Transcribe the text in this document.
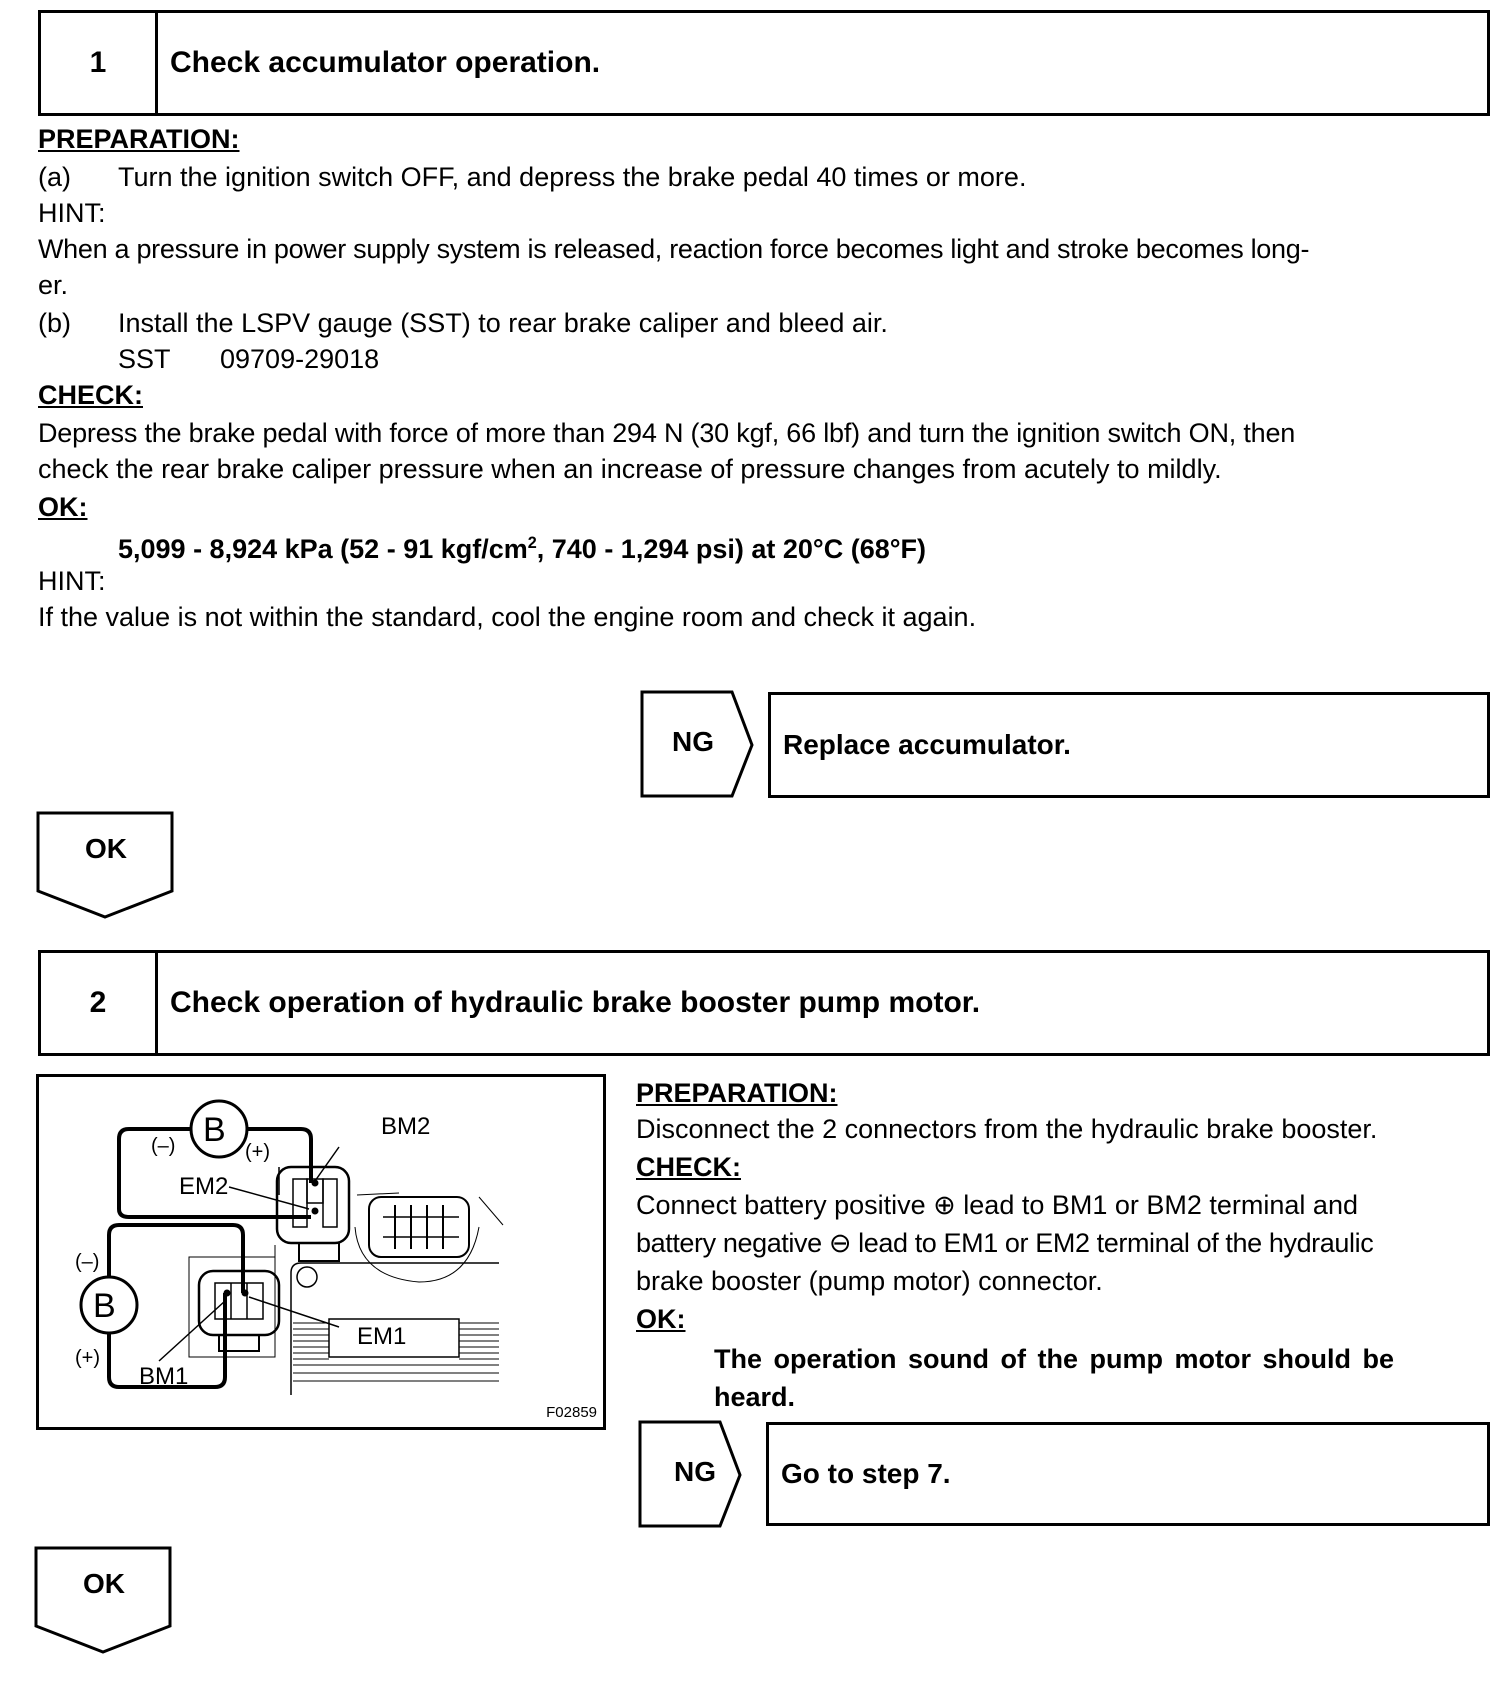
1	Check accumulator operation.
PREPARATION:
(a) Turn the ignition switch OFF, and depress the brake pedal 40 times or more.
HINT:
When a pressure in power supply system is released, reaction force becomes light and stroke becomes long-
er.
(b) Install the LSPV gauge (SST) to rear brake caliper and bleed air.
SST 09709-29018
CHECK:
Depress the brake pedal with force of more than 294 N (30 kgf, 66 lbf) and turn the ignition switch ON, then
check the rear brake caliper pressure when an increase of pressure changes from acutely to mildly.
OK:
5,099 - 8,924 kPa (52 - 91 kgf/$cm^2$, 740 - 1,294 psi) at 20°C (68°F)
HINT:
If the value is not within the standard, cool the engine room and check it again.
NG	Replace accumulator.
OK
2	Check operation of hydraulic brake booster pump motor.
B
(–)	(+)
BM2
EM2
B
(–)
(+)
BM1
EM1
F02859
PREPARATION:
Disconnect the 2 connectors from the hydraulic brake booster.
CHECK:
Connect battery positive ⊕ lead to BM1 or BM2 terminal and
battery negative ⊖ lead to EM1 or EM2 terminal of the hydraulic
brake booster (pump motor) connector.
OK:
The operation sound of the pump motor should be
heard.
NG	Go to step 7.
OK
